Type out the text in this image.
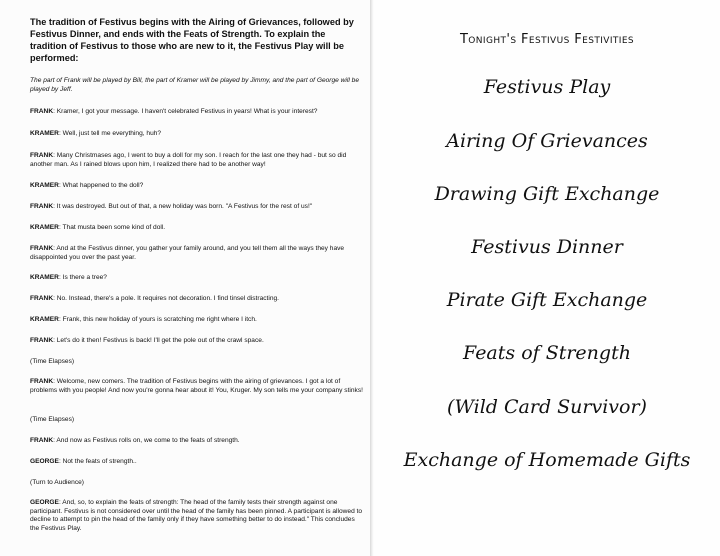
The tradition of Festivus begins with the Airing of Grievances, followed by Festivus Dinner, and ends with the Feats of Strength. To explain the tradition of Festivus to those who are new to it, the Festivus Play will be performed:
The part of Frank will be played by Bill, the part of Kramer will be played by Jimmy, and the part of George will be played by Jeff.
FRANK: Kramer, I got your message. I haven't celebrated Festivus in years! What is your interest?
KRAMER: Well, just tell me everything, huh?
FRANK: Many Christmases ago, I went to buy a doll for my son. I reach for the last one they had - but so did another man. As I rained blows upon him, I realized there had to be another way!
KRAMER: What happened to the doll?
FRANK: It was destroyed. But out of that, a new holiday was born. "A Festivus for the rest of us!"
KRAMER: That musta been some kind of doll.
FRANK: And at the Festivus dinner, you gather your family around, and you tell them all the ways they have disappointed you over the past year.
KRAMER: Is there a tree?
FRANK: No. Instead, there's a pole. It requires not decoration. I find tinsel distracting.
KRAMER: Frank, this new holiday of yours is scratching me right where I itch.
FRANK: Let's do it then! Festivus is back! I'll get the pole out of the crawl space.
(Time Elapses)
FRANK: Welcome, new comers. The tradition of Festivus begins with the airing of grievances. I got a lot of problems with you people! And now you're gonna hear about it! You, Kruger. My son tells me your company stinks!
(Time Elapses)
FRANK: And now as Festivus rolls on, we come to the feats of strength.
GEORGE: Not the feats of strength..
(Turn to Audience)
GEORGE: And, so, to explain the feats of strength: The head of the family tests their strength against one participant. Festivus is not considered over until the head of the family has been pinned. A participant is allowed to decline to attempt to pin the head of the family only if they have something better to do instead." This concludes the Festivus Play.
Tonight's Festivus Festivities
Festivus Play
Airing Of Grievances
Drawing Gift Exchange
Festivus Dinner
Pirate Gift Exchange
Feats of Strength
(Wild Card Survivor)
Exchange of Homemade Gifts
